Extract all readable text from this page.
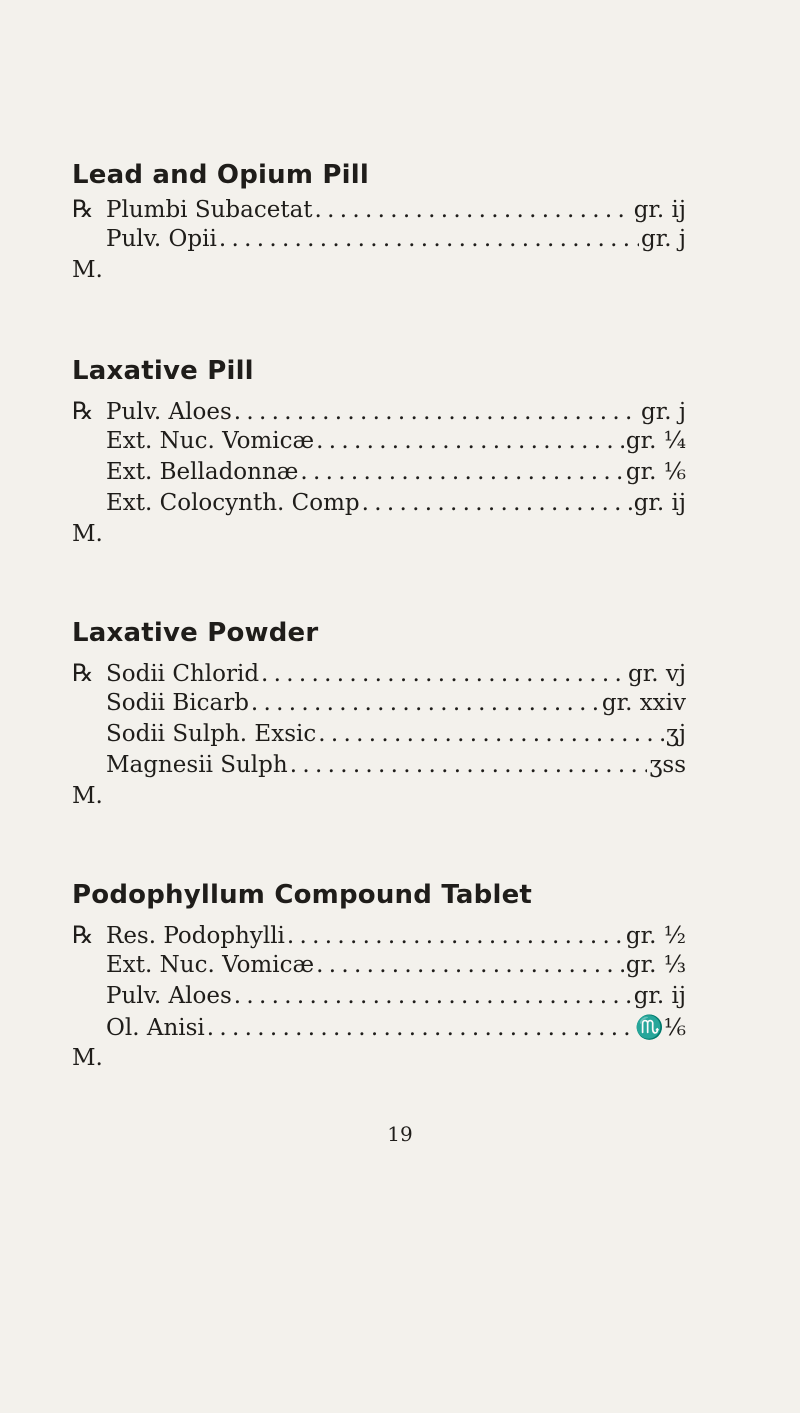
Lead and Opium Pill
℞ Plumbi Subacetat . . .	gr. ij
Pulv. Opii . . .	gr. j
M.
Laxative Pill
℞ Pulv. Aloes . . .	gr. j
Ext. Nuc. Vomicæ . . .	gr. ¼
Ext. Belladonnæ . . .	gr. ⅙
Ext. Colocynth. Comp . . .	gr. ij
M.
Laxative Powder
℞ Sodii Chlorid . . .	gr. vj
Sodii Bicarb . . .	gr. xxiv
Sodii Sulph. Exsic . . .	ʒj
Magnesii Sulph . . .	ʒss
M.
Podophyllum Compound Tablet
℞ Res. Podophylli . . .	gr. ½
Ext. Nuc. Vomicæ . . .	gr. ⅓
Pulv. Aloes . . .	gr. ij
Ol. Anisi . . .	♏⅙
M.
19
